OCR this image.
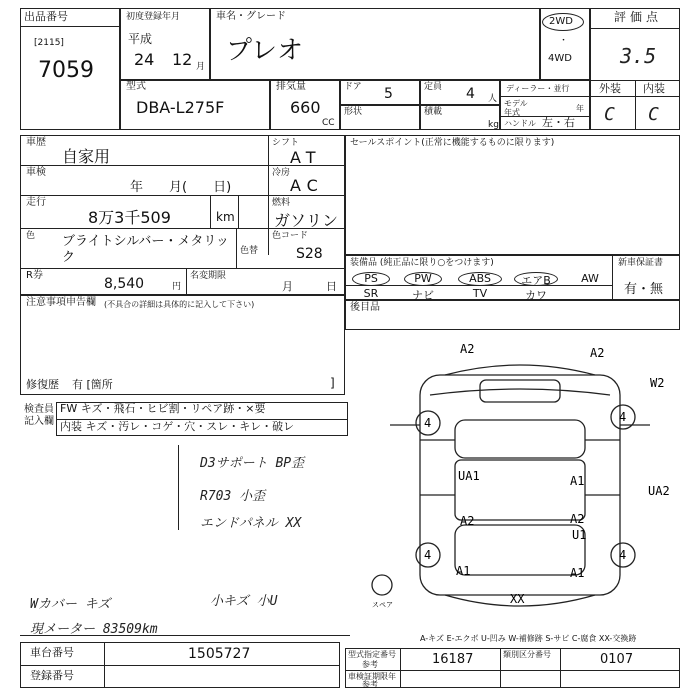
出品番号
[2115]
7059
初度登録年月
平成
24 12 月
車名・グレード
プレオ
2WD
・
4WD
評価点
3.5
外装 内装
C C
型式
DBA-L275F
排気量
660
CC
ドア 5	定員 4 人
形状	積載
kg
ディーラー・並行
モデル年式	年
ハンドル 左・右
車歴
自家用
シフト
AT
車検
年　　月(　　日)
冷房
AC
走行
8万3千509	km
燃料
ガソリン
色 ブライトシルバー・メタリック	色替
色コード
S28
R券
8,540	円
名変期限
月　　　日
セールスポイント(正常に機能するものに限ります)
装備品 (純正品に限り○をつけます)	新車保証書
有・無
PS	PW	ABS	エアB	AW
SR	ナビ	TV	カワ
後目品
注意事項申告欄 (不具合の詳細は具体的に記入して下さい)
修復歴 有 [箇所	]
検査員記入欄
FW キズ・飛石・ヒビ割・リペア跡・×要
内装 キズ・汚レ・コゲ・穴・スレ・キレ・破レ
D3サポート BP歪
R703 小歪
エンドパネル XX
Wカバー キズ	小キズ 小U
現メーター 83509km
A2	A2
W2
4	4
UA1	A1
UA2
A2	A2
U1
4	4
A1	A1
XX
スペア
A-キズ E-エクボ U-凹み W-補修跡 S-サビ C-腐食 XX-交換跡
車台番号	1505727
登録番号
型式指定番号
参考	16187	類別区分番号	0107
車検証期限年
参考
